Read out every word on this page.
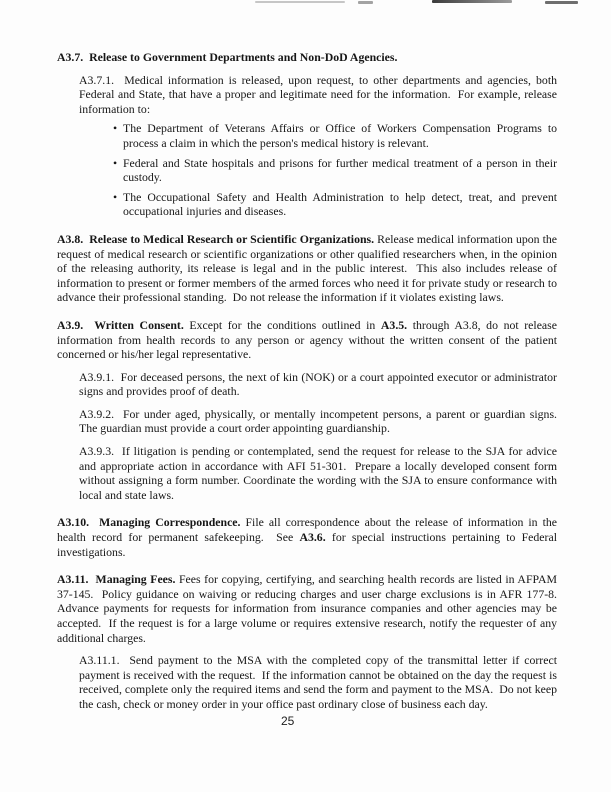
A3.7.  Release to Government Departments and Non-DoD Agencies.
A3.7.1.  Medical information is released, upon request, to other departments and agencies, both Federal and State, that have a proper and legitimate need for the information.  For example, release information to:
• The Department of Veterans Affairs or Office of Workers Compensation Programs to process a claim in which the person's medical history is relevant.
• Federal and State hospitals and prisons for further medical treatment of a person in their custody.
• The Occupational Safety and Health Administration to help detect, treat, and prevent occupational injuries and diseases.
A3.8.  Release to Medical Research or Scientific Organizations. Release medical information upon the request of medical research or scientific organizations or other qualified researchers when, in the opinion of the releasing authority, its release is legal and in the public interest.  This also includes release of information to present or former members of the armed forces who need it for private study or research to advance their professional standing.  Do not release the information if it violates existing laws.
A3.9.  Written Consent. Except for the conditions outlined in A3.5. through A3.8, do not release information from health records to any person or agency without the written consent of the patient concerned or his/her legal representative.
A3.9.1.  For deceased persons, the next of kin (NOK) or a court appointed executor or administrator signs and provides proof of death.
A3.9.2.  For under aged, physically, or mentally incompetent persons, a parent or guardian signs.  The guardian must provide a court order appointing guardianship.
A3.9.3.  If litigation is pending or contemplated, send the request for release to the SJA for advice and appropriate action in accordance with AFI 51-301.  Prepare a locally developed consent form without assigning a form number. Coordinate the wording with the SJA to ensure conformance with local and state laws.
A3.10.  Managing Correspondence. File all correspondence about the release of information in the health record for permanent safekeeping.  See A3.6. for special instructions pertaining to Federal investigations.
A3.11.  Managing Fees. Fees for copying, certifying, and searching health records are listed in AFPAM 37-145.  Policy guidance on waiving or reducing charges and user charge exclusions is in AFR 177-8.  Advance payments for requests for information from insurance companies and other agencies may be accepted.  If the request is for a large volume or requires extensive research, notify the requester of any additional charges.
A3.11.1.  Send payment to the MSA with the completed copy of the transmittal letter if correct payment is received with the request.  If the information cannot be obtained on the day the request is received, complete only the required items and send the form and payment to the MSA.  Do not keep the cash, check or money order in your office past ordinary close of business each day.
25
